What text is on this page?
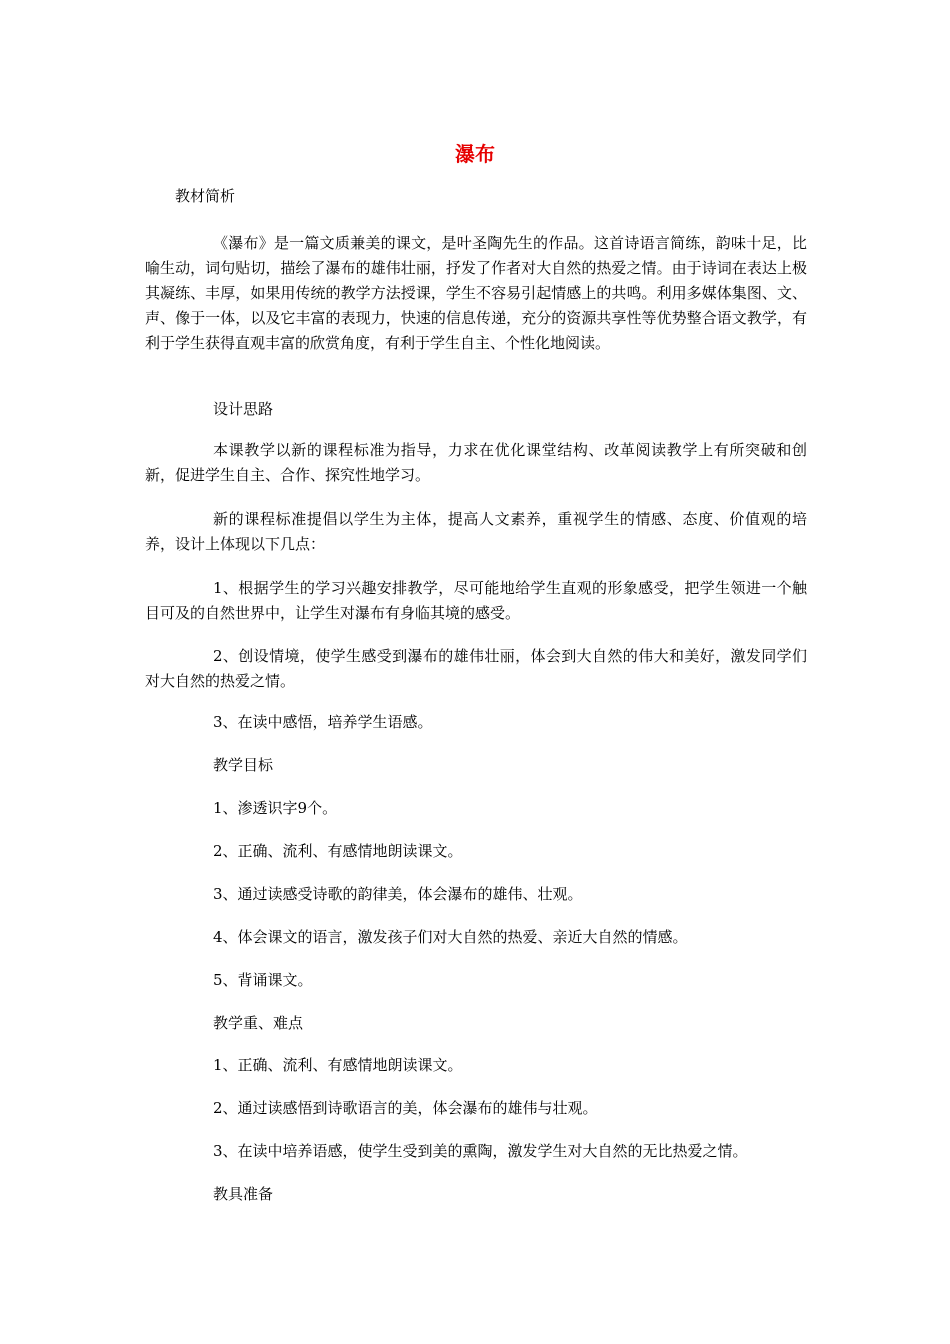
瀑布

教材简析

《瀑布》是一篇文质兼美的课文，是叶圣陶先生的作品。这首诗语言简练，韵味十足，比喻生动，词句贴切，描绘了瀑布的雄伟壮丽，抒发了作者对大自然的热爱之情。由于诗词在表达上极其凝练、丰厚，如果用传统的教学方法授课，学生不容易引起情感上的共鸣。利用多媒体集图、文、声、像于一体，以及它丰富的表现力，快速的信息传递，充分的资源共享性等优势整合语文教学，有利于学生获得直观丰富的欣赏角度，有利于学生自主、个性化地阅读。

设计思路

本课教学以新的课程标准为指导，力求在优化课堂结构、改革阅读教学上有所突破和创新，促进学生自主、合作、探究性地学习。

新的课程标准提倡以学生为主体，提高人文素养，重视学生的情感、态度、价值观的培养，设计上体现以下几点：

1、根据学生的学习兴趣安排教学，尽可能地给学生直观的形象感受，把学生领进一个触目可及的自然世界中，让学生对瀑布有身临其境的感受。

2、创设情境，使学生感受到瀑布的雄伟壮丽，体会到大自然的伟大和美好，激发同学们对大自然的热爱之情。

3、在读中感悟，培养学生语感。

教学目标

1、渗透识字9个。

2、正确、流利、有感情地朗读课文。

3、通过读感受诗歌的韵律美，体会瀑布的雄伟、壮观。

4、体会课文的语言，激发孩子们对大自然的热爱、亲近大自然的情感。

5、背诵课文。

教学重、难点

1、正确、流利、有感情地朗读课文。

2、通过读感悟到诗歌语言的美，体会瀑布的雄伟与壮观。

3、在读中培养语感，使学生受到美的熏陶，激发学生对大自然的无比热爱之情。

教具准备
